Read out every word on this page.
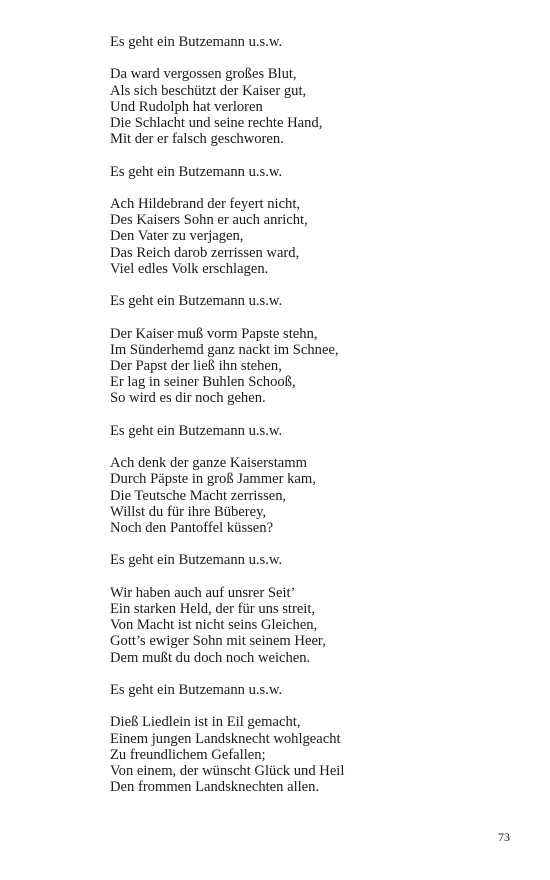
Es geht ein Butzemann u.s.w.
Da ward vergossen großes Blut,
Als sich beschützt der Kaiser gut,
Und Rudolph hat verloren
Die Schlacht und seine rechte Hand,
Mit der er falsch geschworen.
Es geht ein Butzemann u.s.w.
Ach Hildebrand der feyert nicht,
Des Kaisers Sohn er auch anricht,
Den Vater zu verjagen,
Das Reich darob zerrissen ward,
Viel edles Volk erschlagen.
Es geht ein Butzemann u.s.w.
Der Kaiser muß vorm Papste stehn,
Im Sünderhemd ganz nackt im Schnee,
Der Papst der ließ ihn stehen,
Er lag in seiner Buhlen Schooß,
So wird es dir noch gehen.
Es geht ein Butzemann u.s.w.
Ach denk der ganze Kaiserstamm
Durch Päpste in groß Jammer kam,
Die Teutsche Macht zerrissen,
Willst du für ihre Büberey,
Noch den Pantoffel küssen?
Es geht ein Butzemann u.s.w.
Wir haben auch auf unsrer Seit’
Ein starken Held, der für uns streit,
Von Macht ist nicht seins Gleichen,
Gott’s ewiger Sohn mit seinem Heer,
Dem mußt du doch noch weichen.
Es geht ein Butzemann u.s.w.
Dieß Liedlein ist in Eil gemacht,
Einem jungen Landsknecht wohlgeacht
Zu freundlichem Gefallen;
Von einem, der wünscht Glück und Heil
Den frommen Landsknechten allen.
73
